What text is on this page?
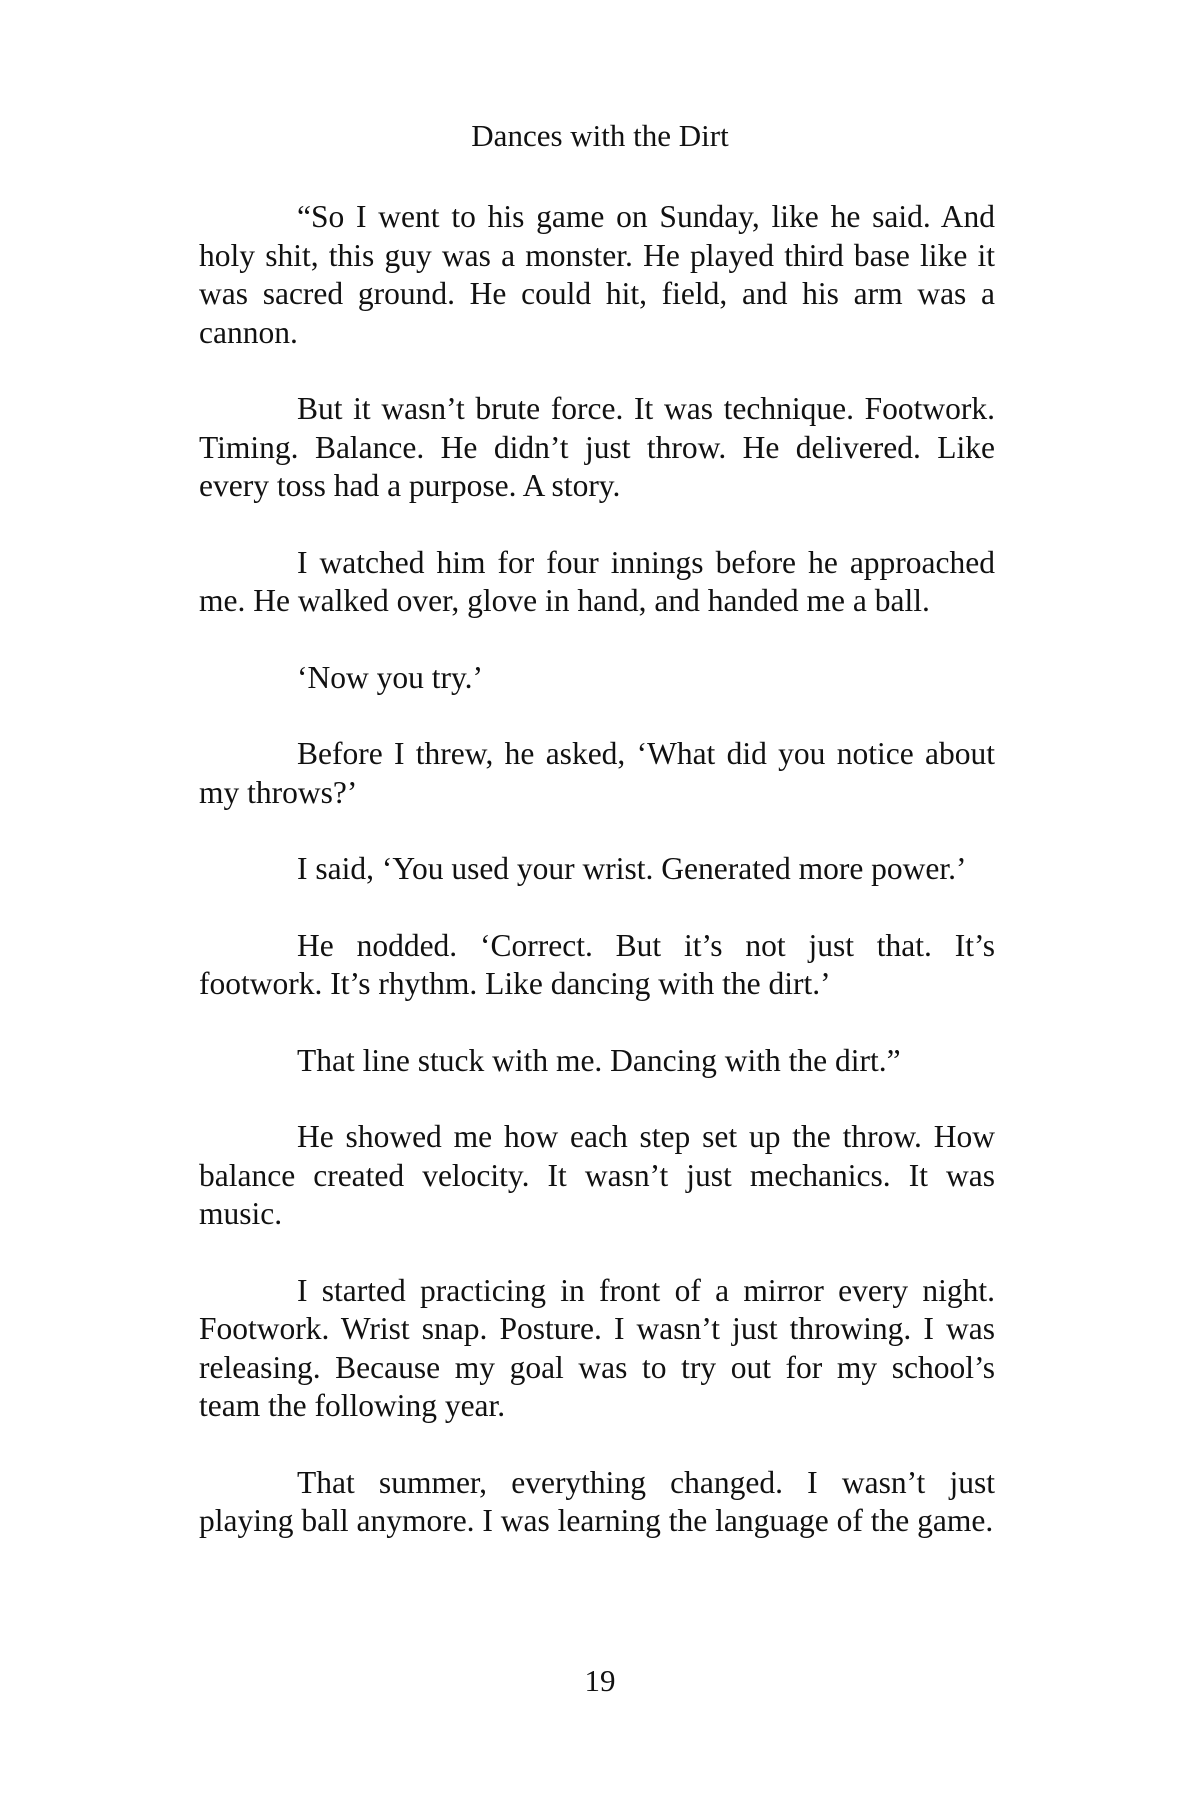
Dances with the Dirt

“So I went to his game on Sunday, like he said. And holy shit, this guy was a monster. He played third base like it was sacred ground. He could hit, field, and his arm was a cannon.

But it wasn’t brute force. It was technique. Footwork. Timing. Balance. He didn’t just throw. He delivered. Like every toss had a purpose. A story.

I watched him for four innings before he approached me. He walked over, glove in hand, and handed me a ball.

‘Now you try.’

Before I threw, he asked, ‘What did you notice about my throws?’

I said, ‘You used your wrist. Generated more power.’

He nodded. ‘Correct. But it’s not just that. It’s footwork. It’s rhythm. Like dancing with the dirt.’

That line stuck with me. Dancing with the dirt.”

He showed me how each step set up the throw. How balance created velocity. It wasn’t just mechanics. It was music.

I started practicing in front of a mirror every night. Footwork. Wrist snap. Posture. I wasn’t just throwing. I was releasing. Because my goal was to try out for my school’s team the following year.

That summer, everything changed. I wasn’t just playing ball anymore. I was learning the language of the game.

19
